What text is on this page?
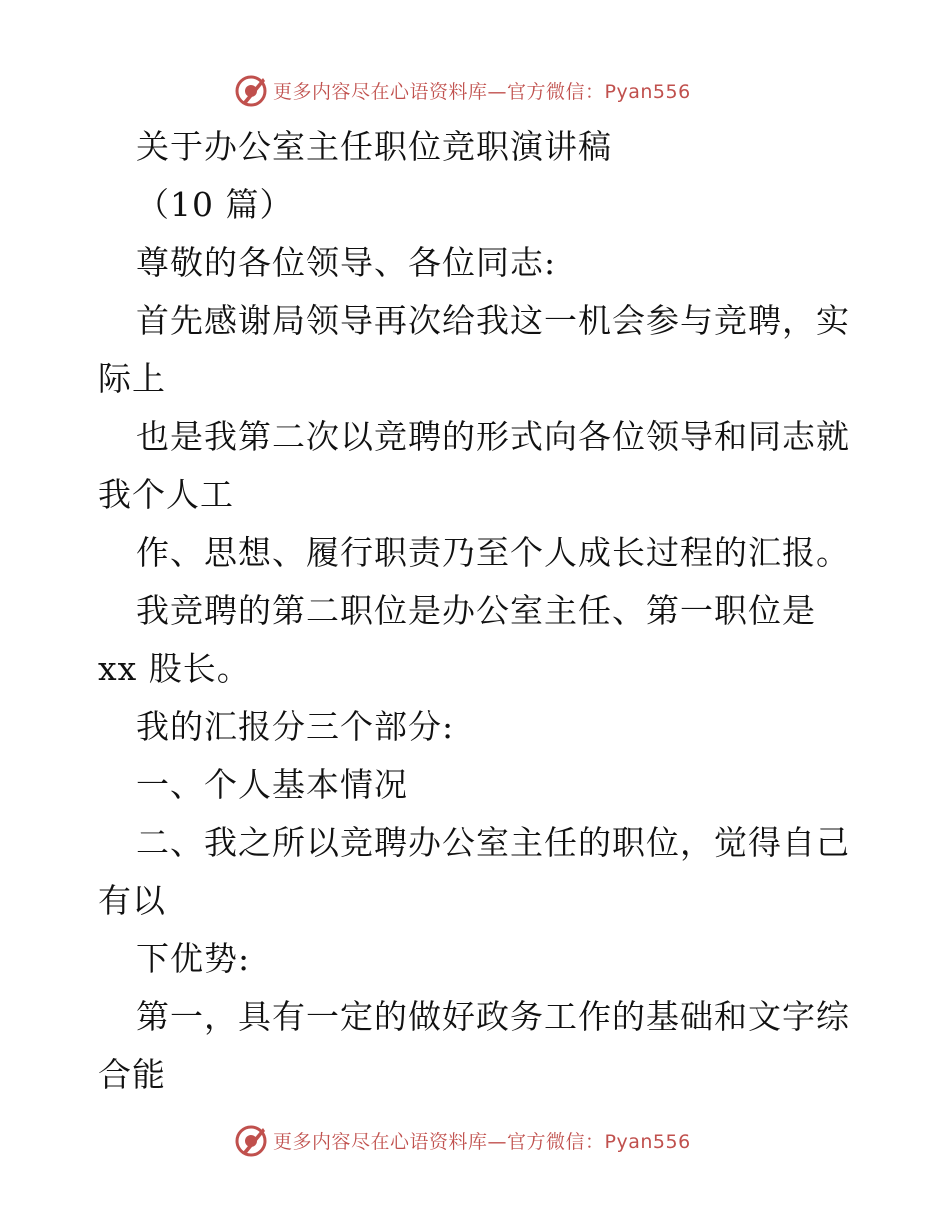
更多内容尽在心语资料库—官方微信：Pyan556
关于办公室主任职位竞职演讲稿
（10 篇）
尊敬的各位领导、各位同志:
首先感谢局领导再次给我这一机会参与竞聘，实
际上
也是我第二次以竞聘的形式向各位领导和同志就
我个人工
作、思想、履行职责乃至个人成长过程的汇报。
我竞聘的第二职位是办公室主任、第一职位是
xx 股长。
我的汇报分三个部分:
一、个人基本情况
二、我之所以竞聘办公室主任的职位，觉得自己
有以
下优势:
第一，具有一定的做好政务工作的基础和文字综
合能
更多内容尽在心语资料库—官方微信：Pyan556
